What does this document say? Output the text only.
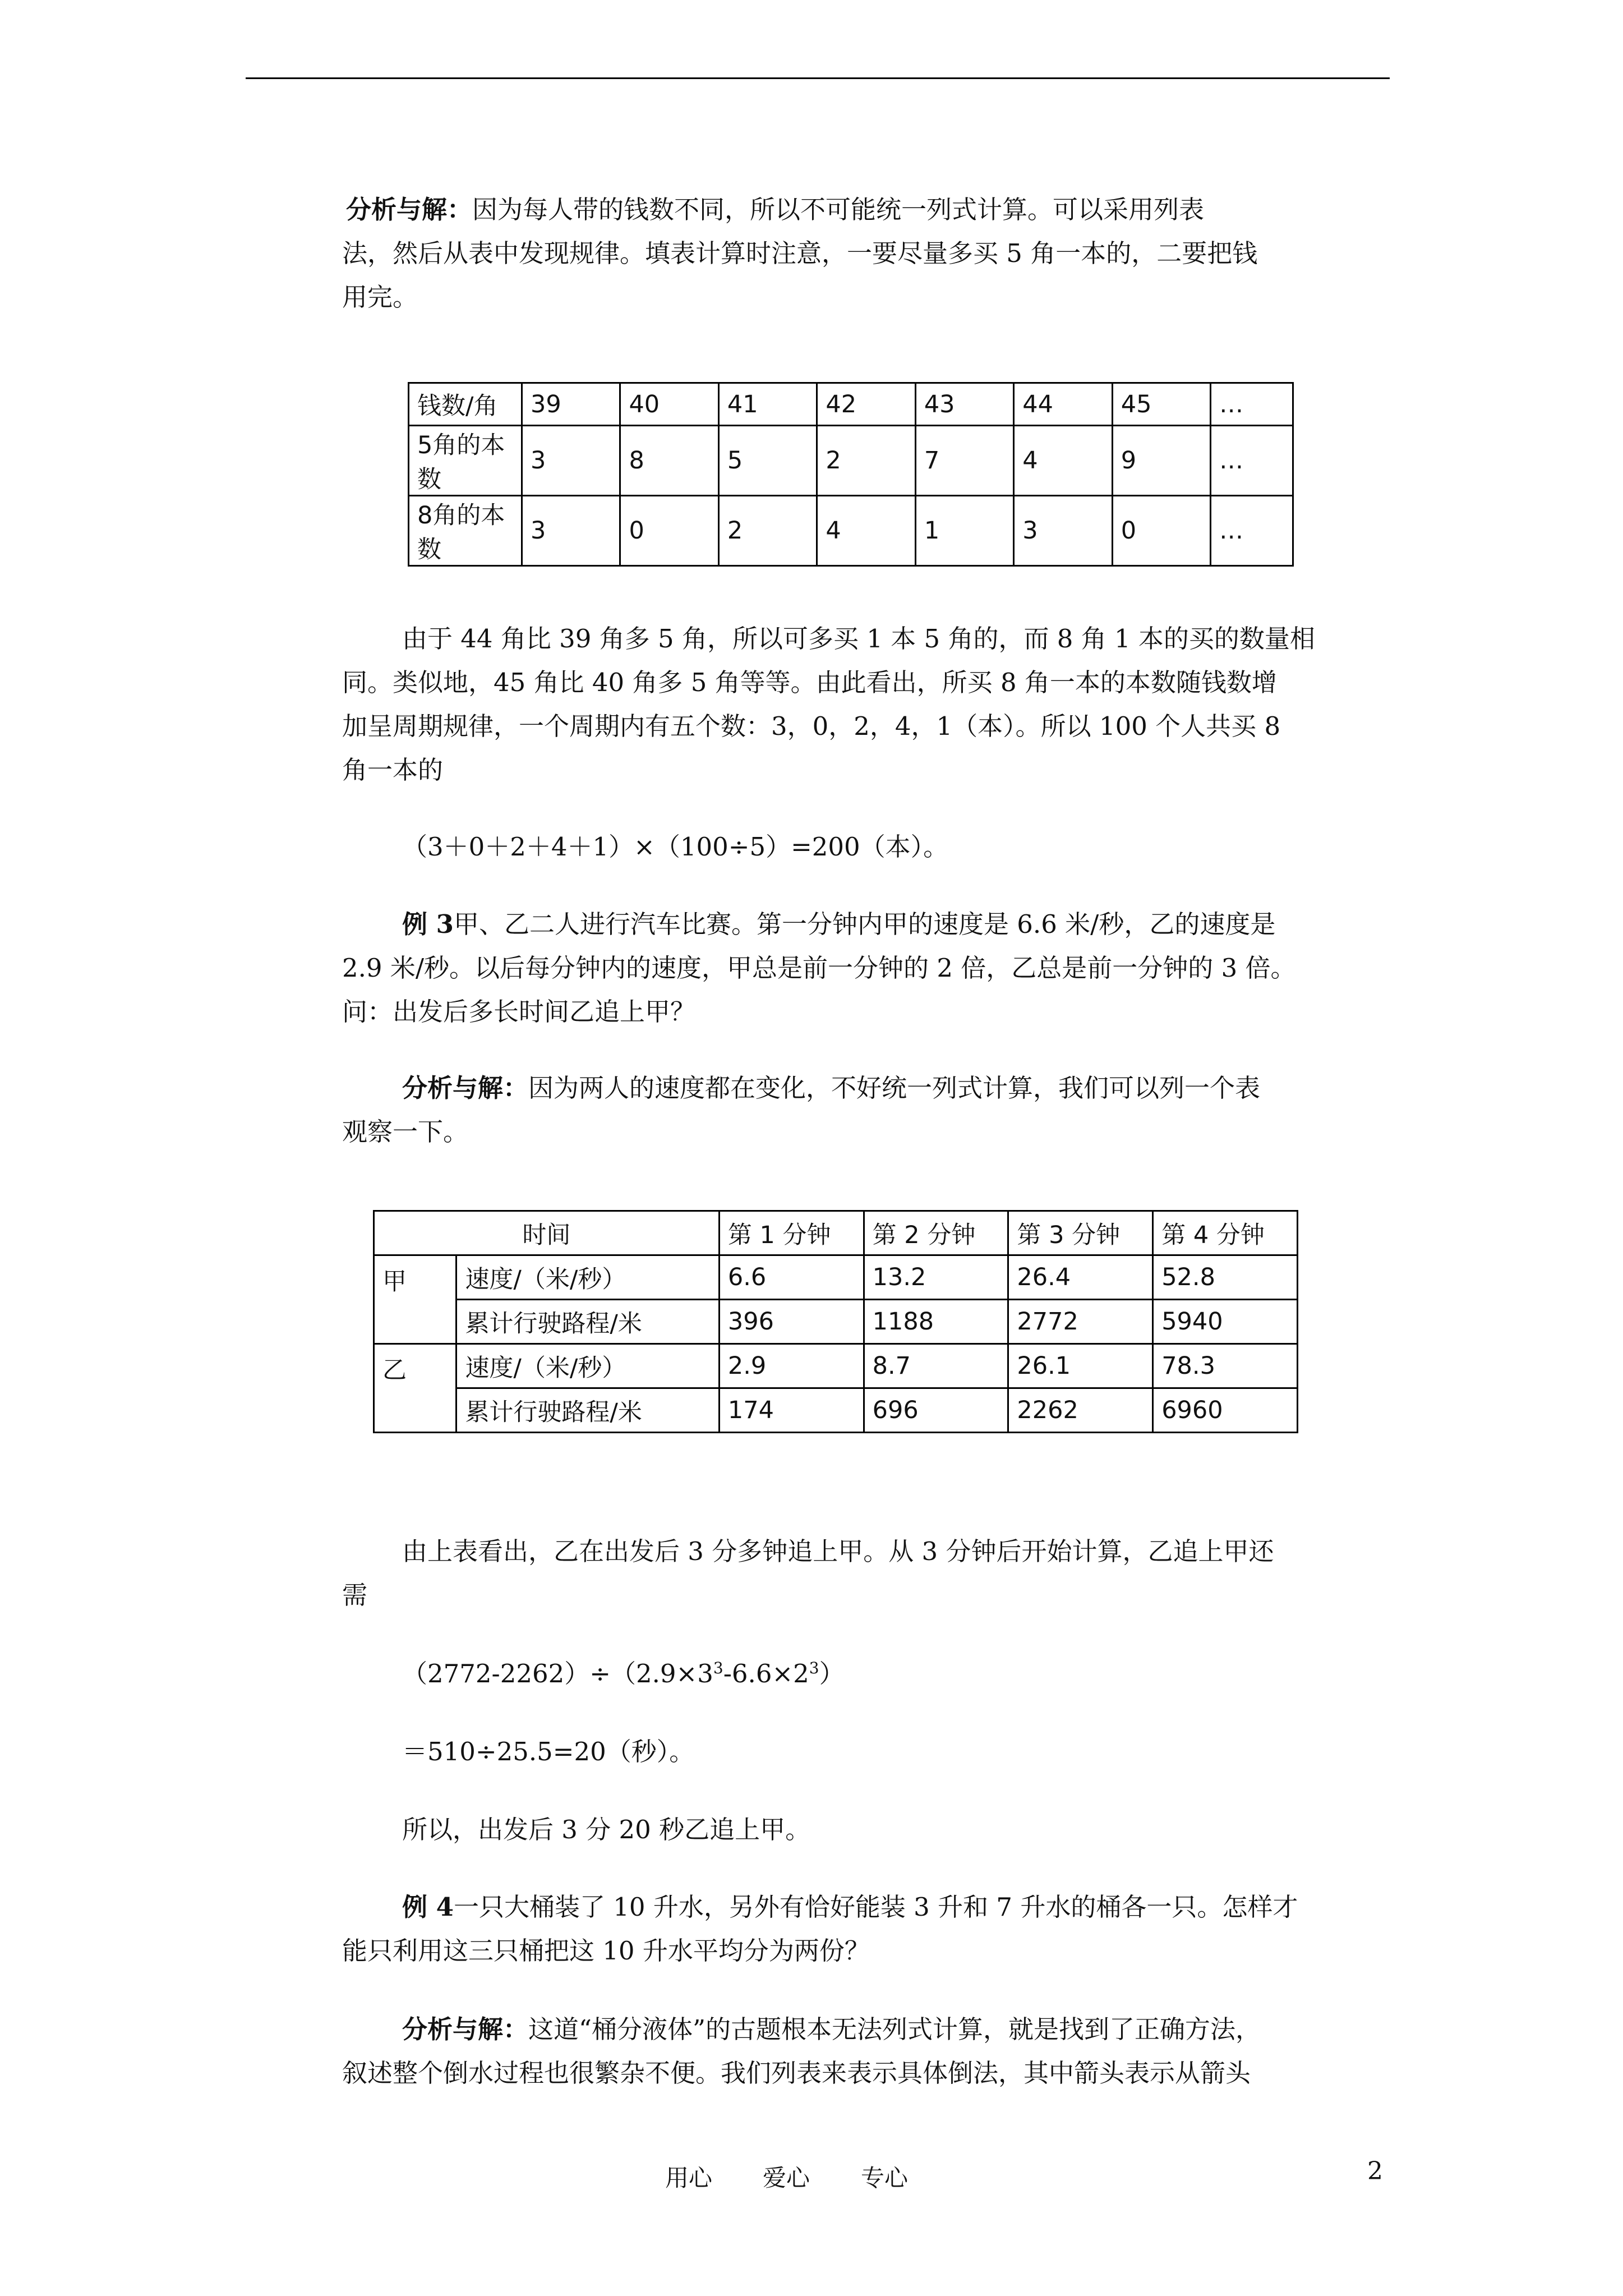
分析与解：因为每人带的钱数不同，所以不可能统一列式计算。可以采用列表

法，然后从表中发现规律。填表计算时注意，一要尽量多买 5 角一本的，二要把钱

用完。

钱数/角	39	40	41	42	43	44	45	…
5角的本数	3	8	5	2	7	4	9	…
8角的本数	3	0	2	4	1	3	0	…

由于 44 角比 39 角多 5 角，所以可多买 1 本 5 角的，而 8 角 1 本的买的数量相

同。类似地，45 角比 40 角多 5 角等等。由此看出，所买 8 角一本的本数随钱数增

加呈周期规律，一个周期内有五个数：3，0，2，4，1（本）。所以 100 个人共买 8

角一本的

（3＋0＋2＋4＋1）×（100÷5）=200（本）。

例 3甲、乙二人进行汽车比赛。第一分钟内甲的速度是 6.6 米/秒，乙的速度是

2.9 米/秒。以后每分钟内的速度，甲总是前一分钟的 2 倍，乙总是前一分钟的 3 倍。

问：出发后多长时间乙追上甲？

分析与解：因为两人的速度都在变化，不好统一列式计算，我们可以列一个表

观察一下。

时间		第 1 分钟	第 2 分钟	第 3 分钟	第 4 分钟
甲	速度/（米/秒）	6.6	13.2	26.4	52.8
	累计行驶路程/米	396	1188	2772	5940
乙	速度/（米/秒）	2.9	8.7	26.1	78.3
	累计行驶路程/米	174	696	2262	6960

由上表看出，乙在出发后 3 分多钟追上甲。从 3 分钟后开始计算，乙追上甲还

需

$(2772-2262)\div(2.9\times 3^3-6.6\times 2^3)$

＝510÷25.5=20（秒）。

所以，出发后 3 分 20 秒乙追上甲。

例 4一只大桶装了 10 升水，另外有恰好能装 3 升和 7 升水的桶各一只。怎样才

能只利用这三只桶把这 10 升水平均分为两份？

分析与解：这道“桶分液体”的古题根本无法列式计算，就是找到了正确方法，

叙述整个倒水过程也很繁杂不便。我们列表来表示具体倒法，其中箭头表示从箭头

用心 爱心 专心	2
